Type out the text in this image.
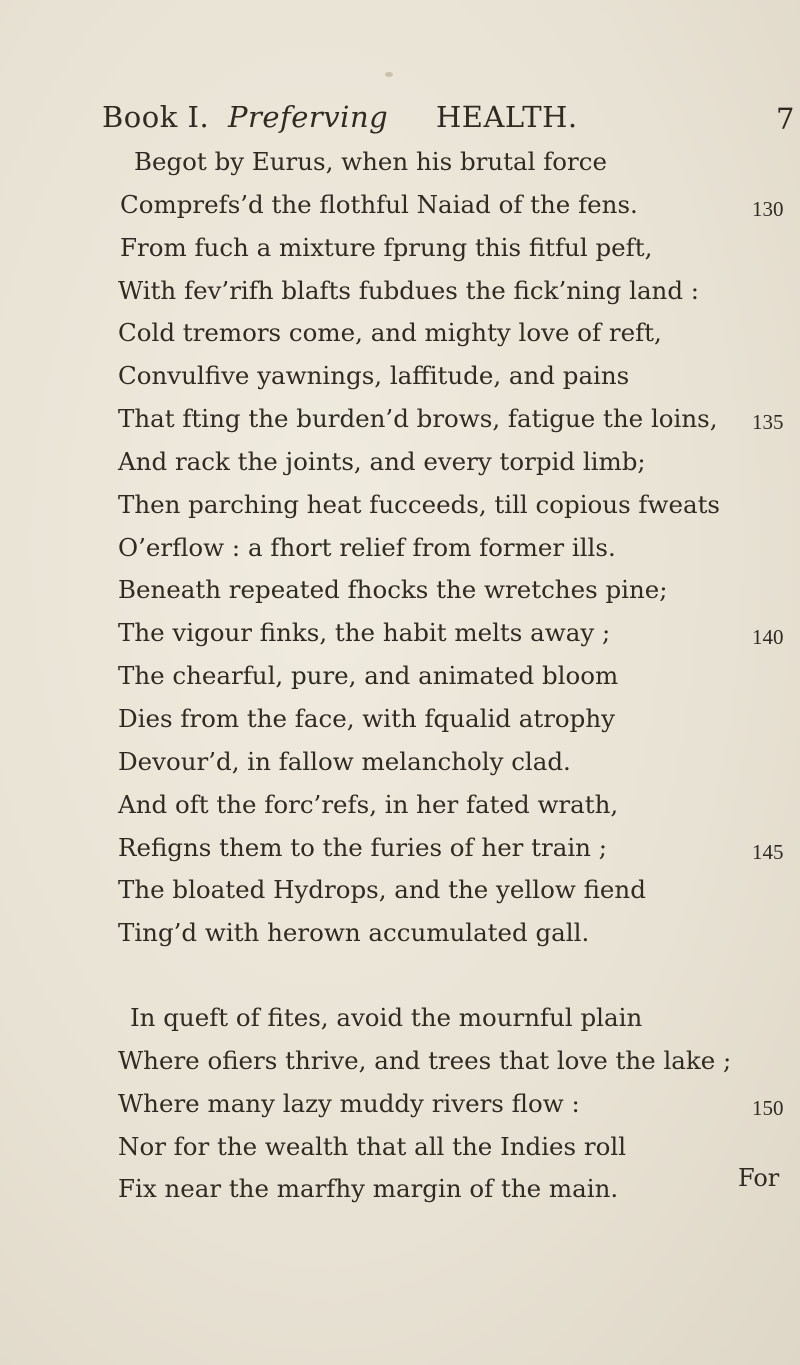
Book I. Preferving HEALTH.	7
Begot by Eurus, when his brutal force
Comprefs’d the flothful Naiad of the fens.
From fuch a mixture fprung this fitful peft,
With fev’rifh blafts fubdues the fick’ning land :
Cold tremors come, and mighty love of reft,
Convulfive yawnings, laffitude, and pains
That fting the burden’d brows, fatigue the loins,
And rack the joints, and every torpid limb;
Then parching heat fucceeds, till copious fweats
O’erflow : a fhort relief from former ills.
Beneath repeated fhocks the wretches pine;
The vigour finks, the habit melts away ;
The chearful, pure, and animated bloom
Dies from the face, with fqualid atrophy
Devour’d, in fallow melancholy clad.
And oft the forc’refs, in her fated wrath,
Refigns them to the furies of her train ;
The bloated Hydrops, and the yellow fiend
Ting’d with herown accumulated gall.
In queft of fites, avoid the mournful plain
Where ofiers thrive, and trees that love the lake ;
Where many lazy muddy rivers flow :
Nor for the wealth that all the Indies roll
Fix near the marfhy margin of the main.
130
135
140
145
150
For
